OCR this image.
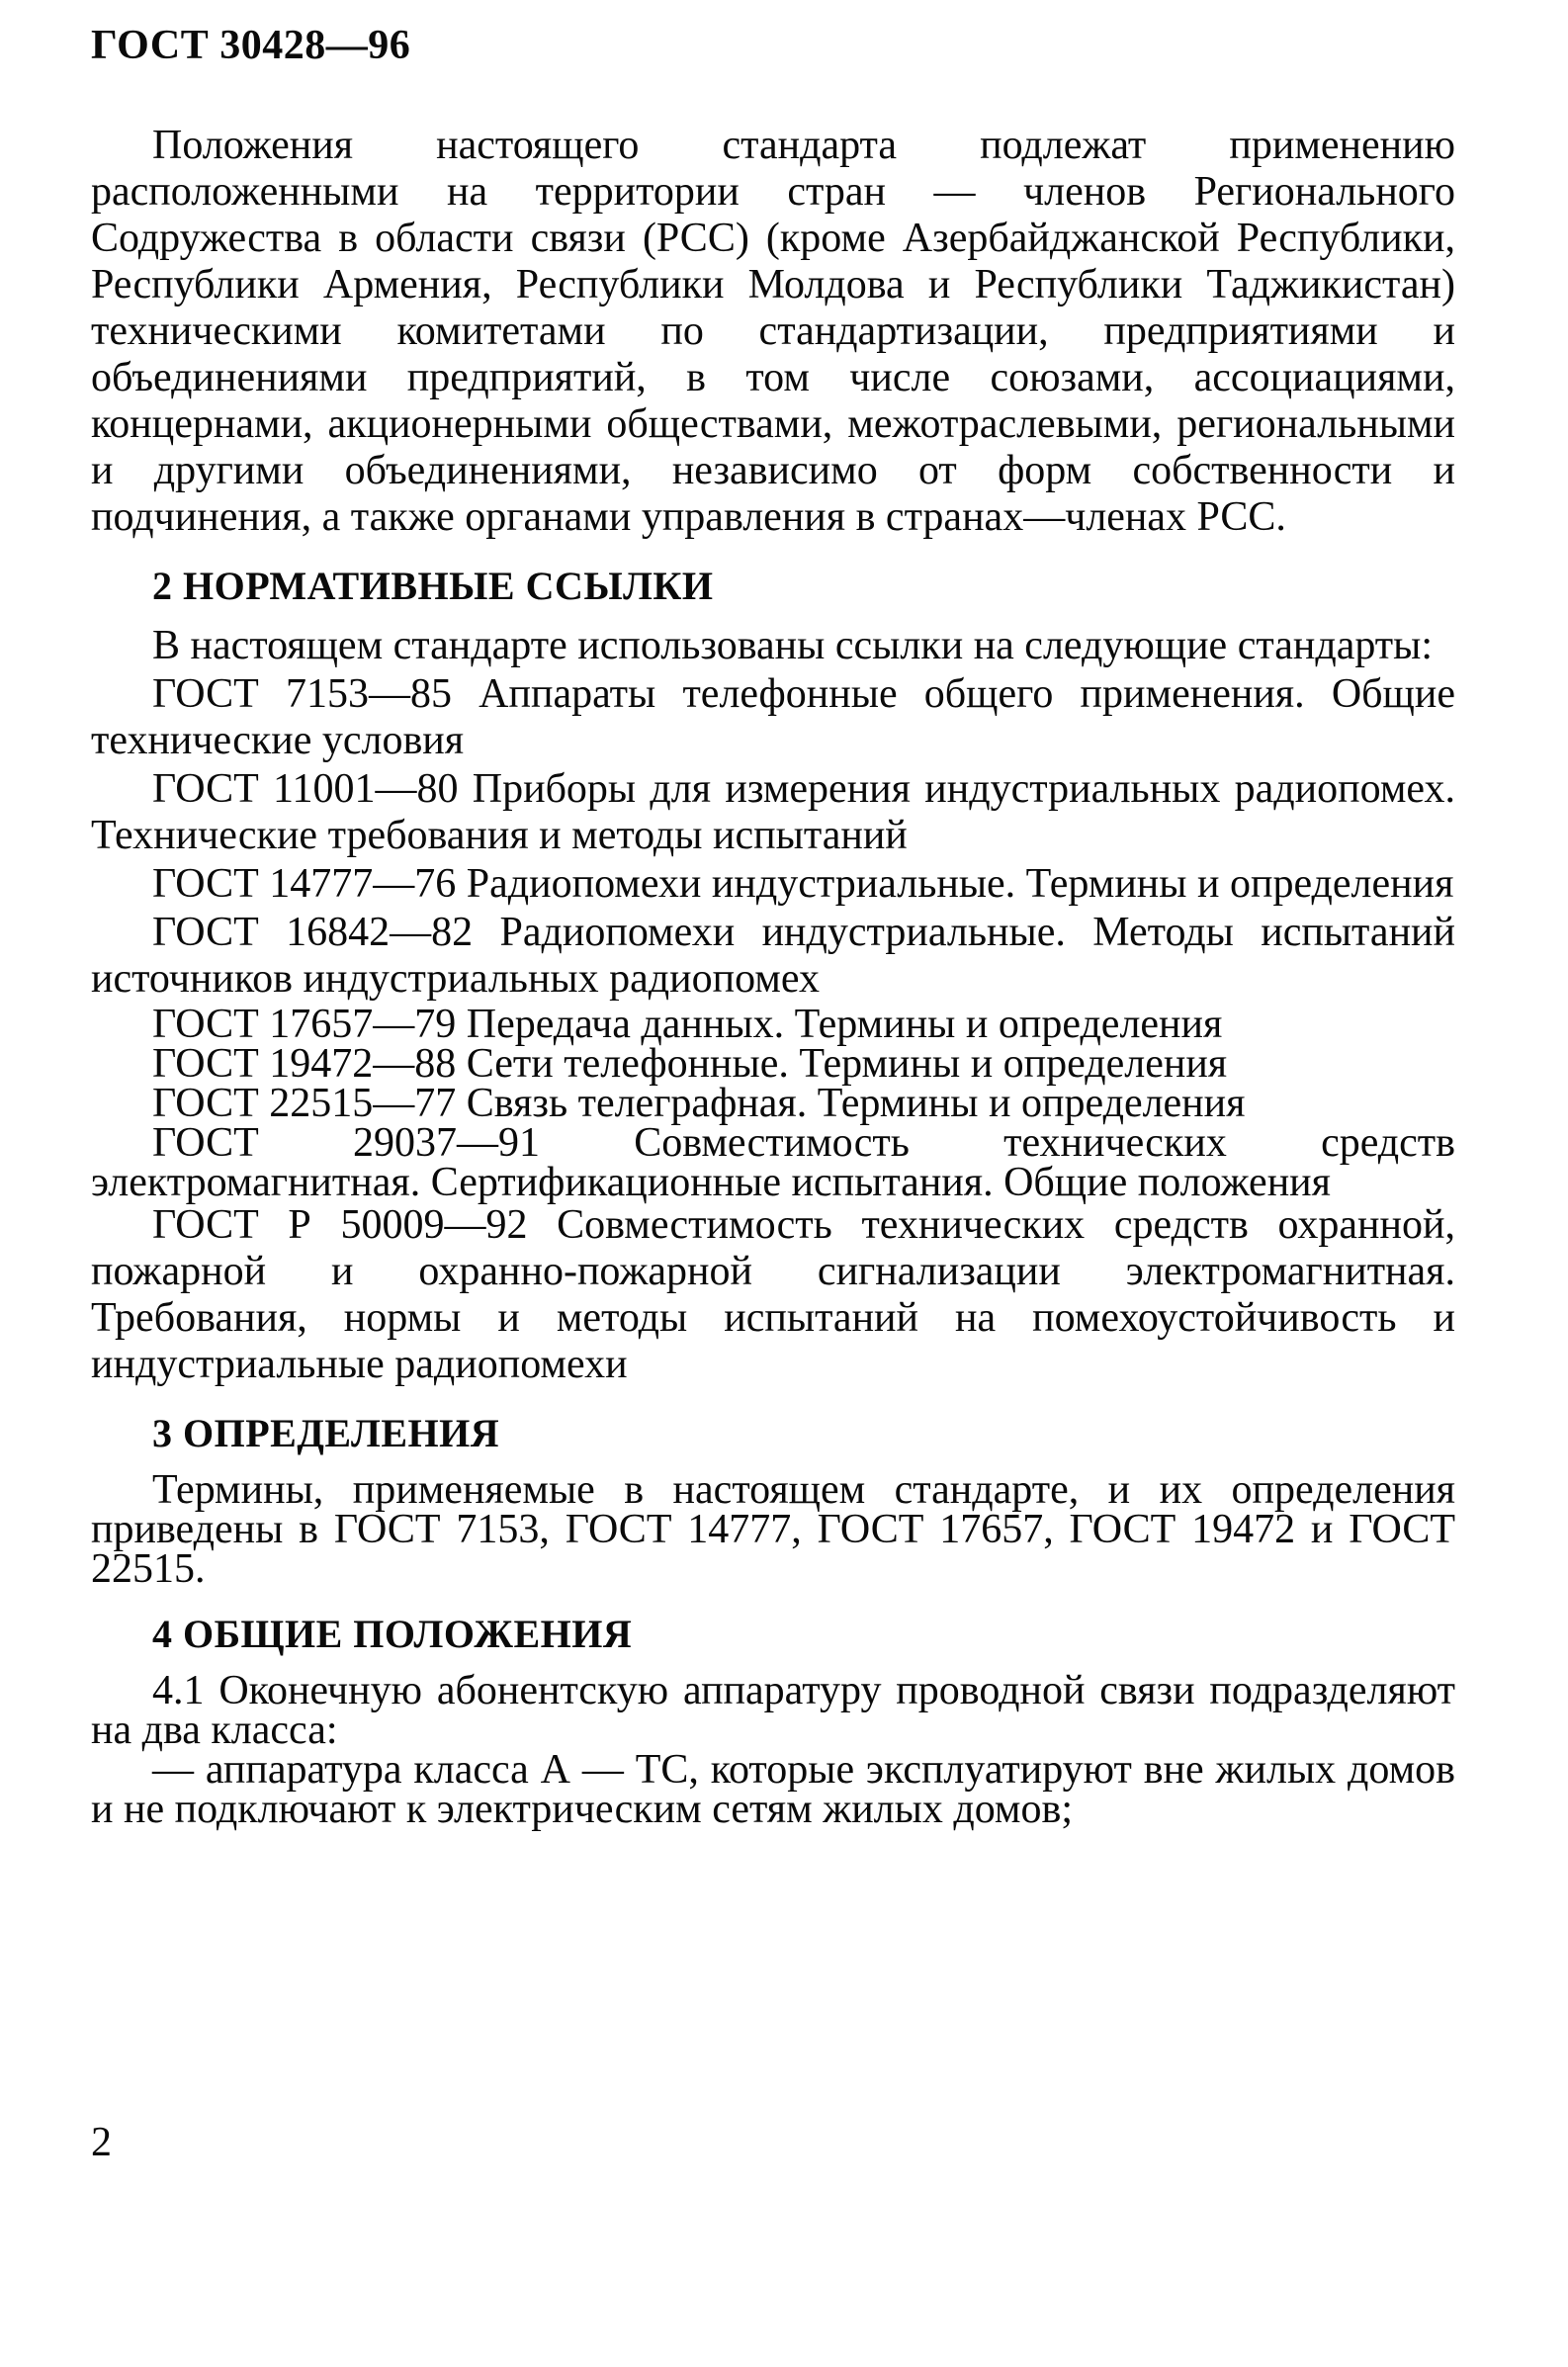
ГОСТ 30428—96

Положения настоящего стандарта подлежат применению расположенными на территории стран — членов Регионального Содружества в области связи (РСС) (кроме Азербайджанской Республики, Республики Армения, Республики Молдова и Республики Таджикистан) техническими комитетами по стандартизации, предприятиями и объединениями предприятий, в том числе союзами, ассоциациями, концернами, акционерными обществами, межотраслевыми, региональными и другими объединениями, независимо от форм собственности и подчинения, а также органами управления в странах—членах РСС.

2 НОРМАТИВНЫЕ ССЫЛКИ

В настоящем стандарте использованы ссылки на следующие стандарты:

ГОСТ 7153—85 Аппараты телефонные общего применения. Общие технические условия

ГОСТ 11001—80 Приборы для измерения индустриальных радиопомех. Технические требования и методы испытаний

ГОСТ 14777—76 Радиопомехи индустриальные. Термины и определения

ГОСТ 16842—82 Радиопомехи индустриальные. Методы испытаний источников индустриальных радиопомех

ГОСТ 17657—79 Передача данных. Термины и определения

ГОСТ 19472—88 Сети телефонные. Термины и определения

ГОСТ 22515—77 Связь телеграфная. Термины и определения

ГОСТ 29037—91 Совместимость технических средств электромагнитная. Сертификационные испытания. Общие положения

ГОСТ Р 50009—92 Совместимость технических средств охранной, пожарной и охранно-пожарной сигнализации электромагнитная. Требования, нормы и методы испытаний на помехоустойчивость и индустриальные радиопомехи

3 ОПРЕДЕЛЕНИЯ

Термины, применяемые в настоящем стандарте, и их определения приведены в ГОСТ 7153, ГОСТ 14777, ГОСТ 17657, ГОСТ 19472 и ГОСТ 22515.

4 ОБЩИЕ ПОЛОЖЕНИЯ

4.1 Оконечную абонентскую аппаратуру проводной связи подразделяют на два класса:

— аппаратура класса А — ТС, которые эксплуатируют вне жилых домов и не подключают к электрическим сетям жилых домов;

2
